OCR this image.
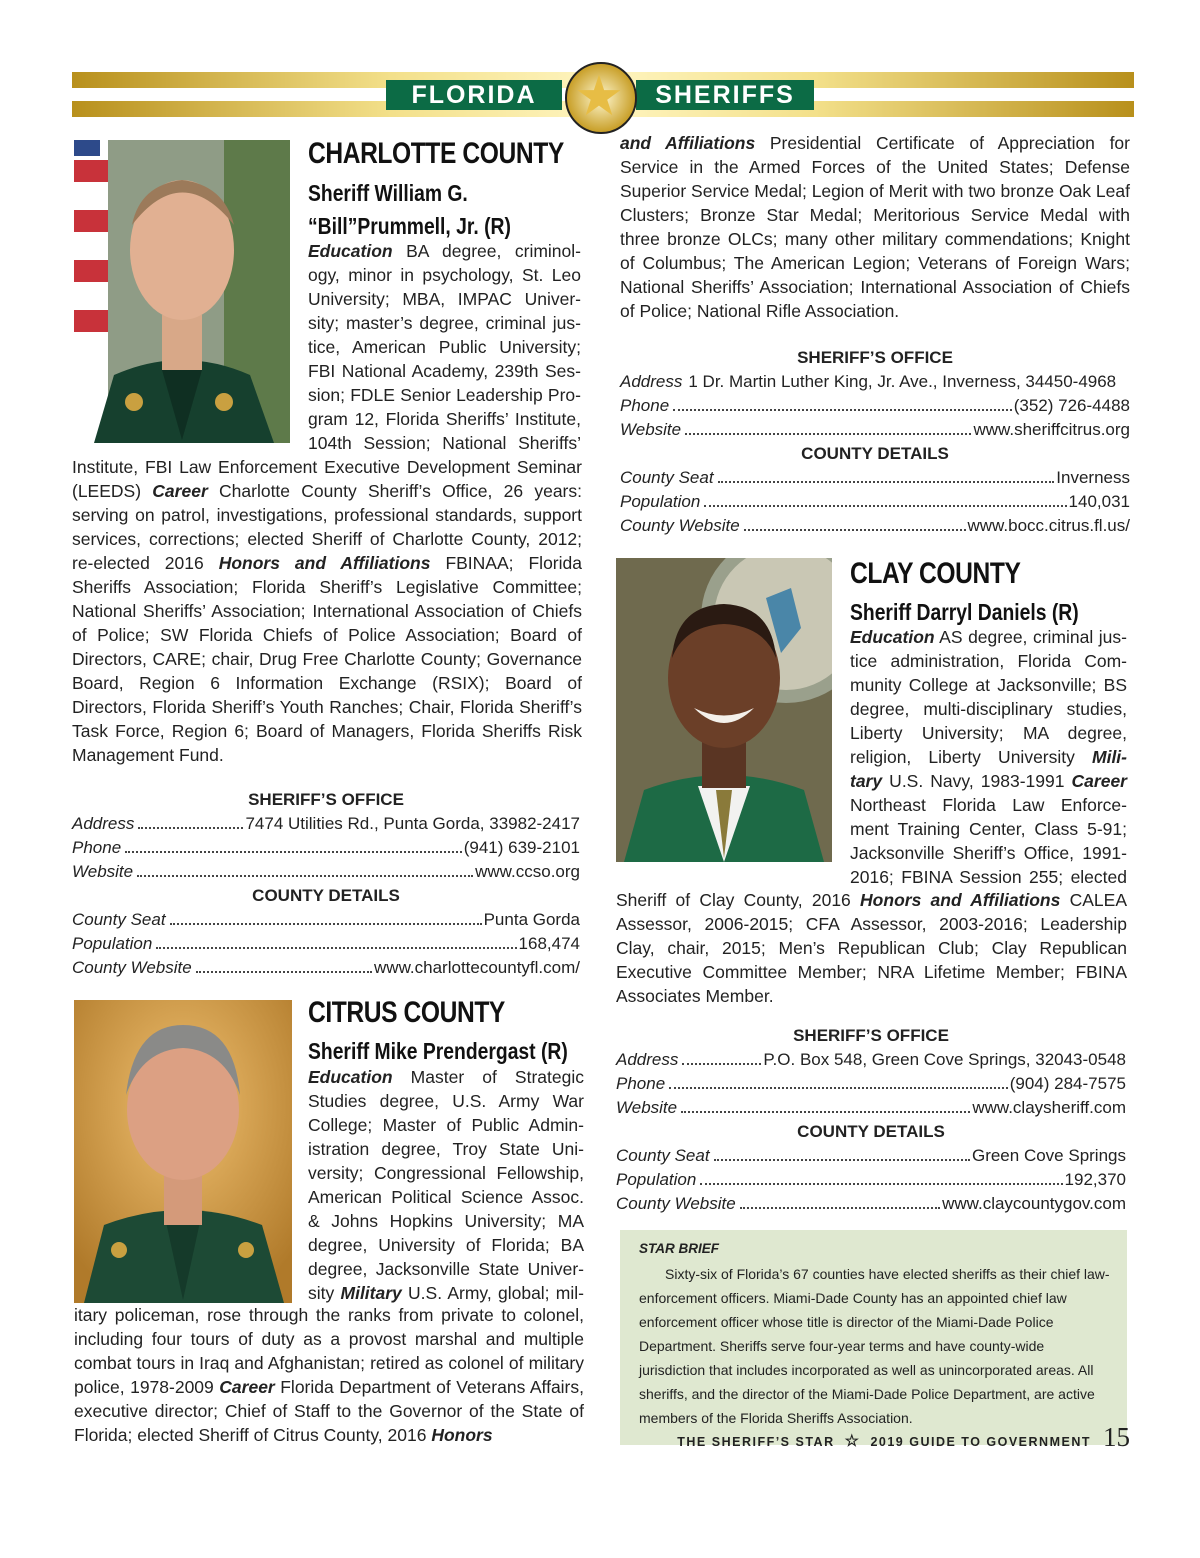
FLORIDA	SHERIFFS
★
CHARLOTTE COUNTY
Sheriff William G.
“Bill”Prummell, Jr. (R)
Education BA degree, criminol-
ogy, minor in psychology, St. Leo
University; MBA, IMPAC Univer-
sity; master’s degree, criminal jus-
tice, American Public University;
FBI National Academy, 239th Ses-
sion; FDLE Senior Leadership Pro-
gram 12, Florida Sheriffs’ Institute,
104th Session; National Sheriffs’

Institute, FBI Law Enforcement Executive Development Seminar (LEEDS) Career Charlotte County Sheriff’s Office, 26 years: serving on patrol, investigations, professional standards, support services, corrections; elected Sheriff of Charlotte County, 2012; re-elected 2016 Honors and Affiliations FBINAA; Florida Sheriffs Association; Florida Sheriff’s Legislative Committee; National Sheriffs’ Association; International Association of Chiefs of Police; SW Florida Chiefs of Police Association; Board of Directors, CARE; chair, Drug Free Charlotte County; Governance Board, Region 6 Information Exchange (RSIX); Board of Directors, Florida Sheriff’s Youth Ranches; Chair, Florida Sheriff’s Task Force, Region 6; Board of Managers, Florida Sheriffs Risk Management Fund.

SHERIFF’S OFFICE
Address	7474 Utilities Rd., Punta Gorda, 33982-2417
Phone	(941) 639-2101
Website	www.ccso.org
COUNTY DETAILS
County Seat	Punta Gorda
Population	168,474
County Website	www.charlottecountyfl.com/
CITRUS COUNTY
Sheriff Mike Prendergast (R)
Education Master of Strategic
Studies degree, U.S. Army War
College; Master of Public Admin-
istration degree, Troy State Uni-
versity; Congressional Fellowship,
American Political Science Assoc.
& Johns Hopkins University; MA
degree, University of Florida; BA
degree, Jacksonville State Univer-
sity Military U.S. Army, global; mil-

itary policeman, rose through the ranks from private to colonel, including four tours of duty as a provost marshal and multiple combat tours in Iraq and Afghanistan; retired as colonel of military police, 1978-2009 Career Florida Department of Veterans Affairs, executive director; Chief of Staff to the Governor of the State of Florida; elected Sheriff of Citrus County, 2016 Honors

and Affiliations Presidential Certificate of Appreciation for Service in the Armed Forces of the United States; Defense Superior Service Medal; Legion of Merit with two bronze Oak Leaf Clusters; Bronze Star Medal; Meritorious Service Medal with three bronze OLCs; many other military commendations; Knight of Columbus; The American Legion; Veterans of Foreign Wars; National Sheriffs’ Association; International Association of Chiefs of Police; National Rifle Association.

SHERIFF’S OFFICE
Address 1 Dr. Martin Luther King, Jr. Ave., Inverness, 34450-4968
Phone	(352) 726-4488
Website	www.sheriffcitrus.org
COUNTY DETAILS
County Seat	Inverness
Population	140,031
County Website	www.bocc.citrus.fl.us/
CLAY COUNTY
Sheriff Darryl Daniels (R)
Education AS degree, criminal jus-
tice administration, Florida Com-
munity College at Jacksonville; BS
degree, multi-disciplinary studies,
Liberty University; MA degree,
religion, Liberty University Mili-
tary U.S. Navy, 1983-1991 Career
Northeast Florida Law Enforce-
ment Training Center, Class 5-91;
Jacksonville Sheriff’s Office, 1991-
2016; FBINA Session 255; elected

Sheriff of Clay County, 2016 Honors and Affiliations CALEA Assessor, 2006-2015; CFA Assessor, 2003-2016; Leadership Clay, chair, 2015; Men’s Republican Club; Clay Republican Executive Committee Member; NRA Lifetime Member; FBINA Associates Member.

SHERIFF’S OFFICE
Address	P.O. Box 548, Green Cove Springs, 32043-0548
Phone	(904) 284-7575
Website	www.claysheriff.com
COUNTY DETAILS
County Seat	Green Cove Springs
Population	192,370
County Website	www.claycountygov.com
STAR BRIEF
Sixty-six of Florida’s 67 counties have elected sheriffs as their chief law-enforcement officers. Miami-Dade County has an appointed chief law enforcement officer whose title is director of the Miami-Dade Police Department. Sheriffs serve four-year terms and have county-wide jurisdiction that includes incorporated as well as unincorporated areas. All sheriffs, and the director of the Miami-Dade Police Department, are active members of the Florida Sheriffs Association.
THE SHERIFF’S STAR ☆ 2019 GUIDE TO GOVERNMENT 15
